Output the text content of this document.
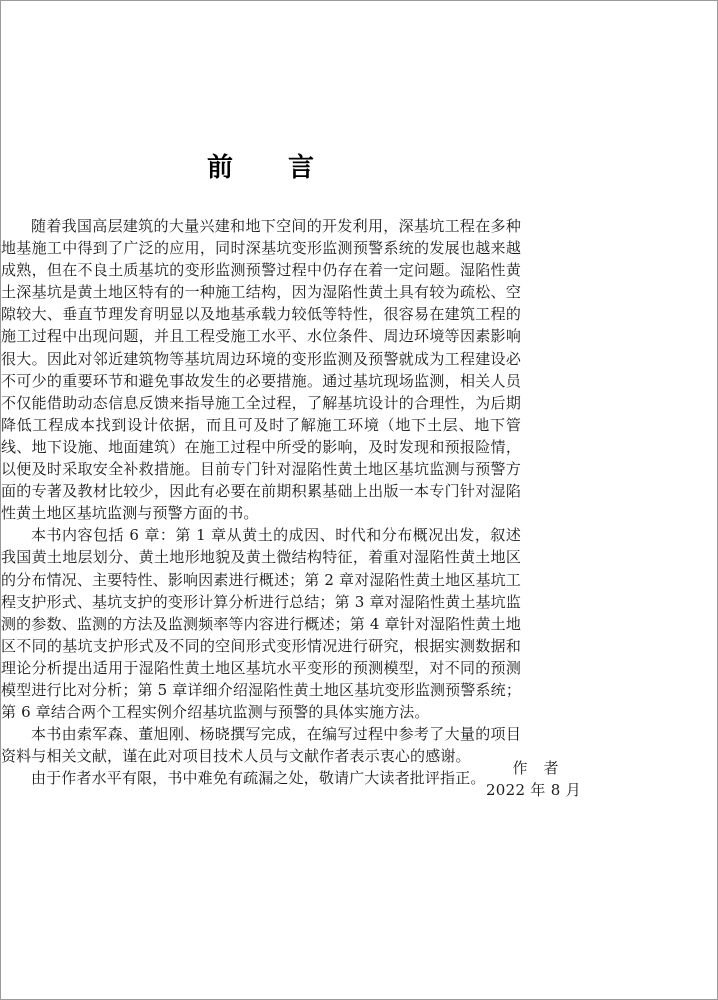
前　　言

随着我国高层建筑的大量兴建和地下空间的开发利用，深基坑工程在多种地基施工中得到了广泛的应用，同时深基坑变形监测预警系统的发展也越来越成熟，但在不良土质基坑的变形监测预警过程中仍存在着一定问题。湿陷性黄土深基坑是黄土地区特有的一种施工结构，因为湿陷性黄土具有较为疏松、空隙较大、垂直节理发育明显以及地基承载力较低等特性，很容易在建筑工程的施工过程中出现问题，并且工程受施工水平、水位条件、周边环境等因素影响很大。因此对邻近建筑物等基坑周边环境的变形监测及预警就成为工程建设必不可少的重要环节和避免事故发生的必要措施。通过基坑现场监测，相关人员不仅能借助动态信息反馈来指导施工全过程，了解基坑设计的合理性，为后期降低工程成本找到设计依据，而且可及时了解施工环境（地下土层、地下管线、地下设施、地面建筑）在施工过程中所受的影响，及时发现和预报险情，以便及时采取安全补救措施。目前专门针对湿陷性黄土地区基坑监测与预警方面的专著及教材比较少，因此有必要在前期积累基础上出版一本专门针对湿陷性黄土地区基坑监测与预警方面的书。

本书内容包括 6 章：第 1 章从黄土的成因、时代和分布概况出发，叙述我国黄土地层划分、黄土地形地貌及黄土微结构特征，着重对湿陷性黄土地区的分布情况、主要特性、影响因素进行概述；第 2 章对湿陷性黄土地区基坑工程支护形式、基坑支护的变形计算分析进行总结；第 3 章对湿陷性黄土基坑监测的参数、监测的方法及监测频率等内容进行概述；第 4 章针对湿陷性黄土地区不同的基坑支护形式及不同的空间形式变形情况进行研究，根据实测数据和理论分析提出适用于湿陷性黄土地区基坑水平变形的预测模型，对不同的预测模型进行比对分析；第 5 章详细介绍湿陷性黄土地区基坑变形监测预警系统；第 6 章结合两个工程实例介绍基坑监测与预警的具体实施方法。

本书由索军森、董旭刚、杨晓撰写完成，在编写过程中参考了大量的项目资料与相关文献，谨在此对项目技术人员与文献作者表示衷心的感谢。

由于作者水平有限，书中难免有疏漏之处，敬请广大读者批评指正。

作　者
2022 年 8 月
